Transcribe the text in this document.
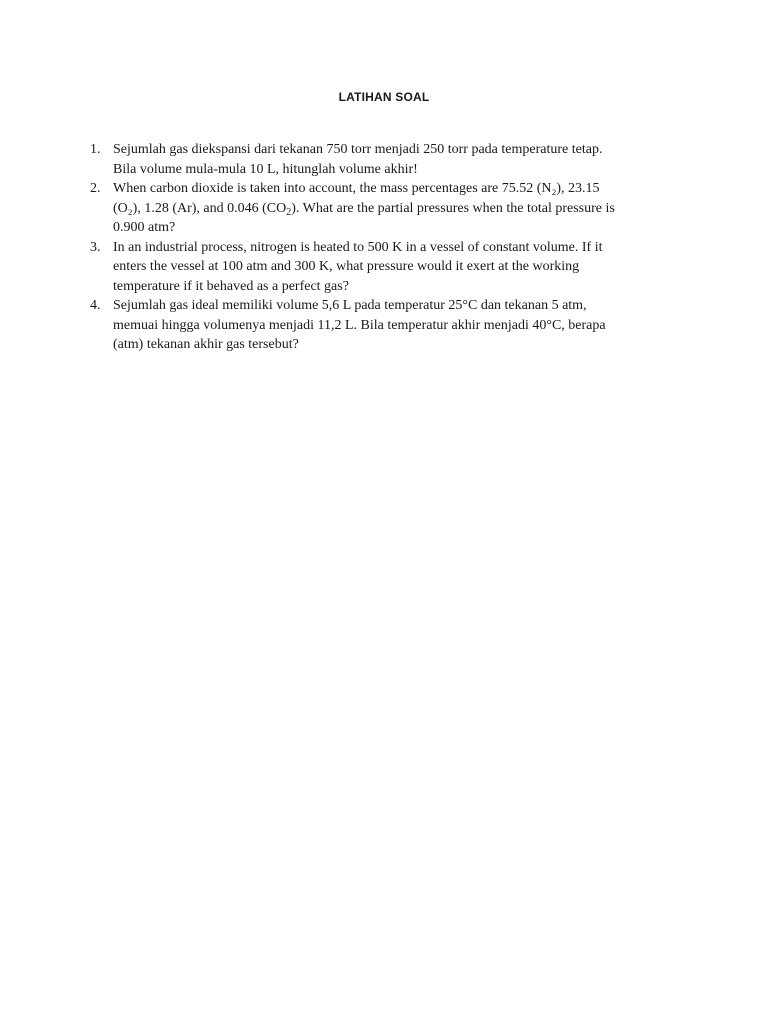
LATIHAN SOAL
1. Sejumlah gas diekspansi dari tekanan 750 torr menjadi 250 torr pada temperature tetap.
Bila volume mula-mula 10 L, hitunglah volume akhir!
2. When carbon dioxide is taken into account, the mass percentages are 75.52 (N₂), 23.15
(O₂), 1.28 (Ar), and 0.046 $(CO_2)$. What are the partial pressures when the total pressure is
0.900 atm?
3. In an industrial process, nitrogen is heated to 500 K in a vessel of constant volume. If it
enters the vessel at 100 atm and 300 K, what pressure would it exert at the working
temperature if it behaved as a perfect gas?
4. Sejumlah gas ideal memiliki volume 5,6 L pada temperatur 25°C dan tekanan 5 atm,
memuai hingga volumenya menjadi 11,2 L. Bila temperatur akhir menjadi 40°C, berapa
(atm) tekanan akhir gas tersebut?
